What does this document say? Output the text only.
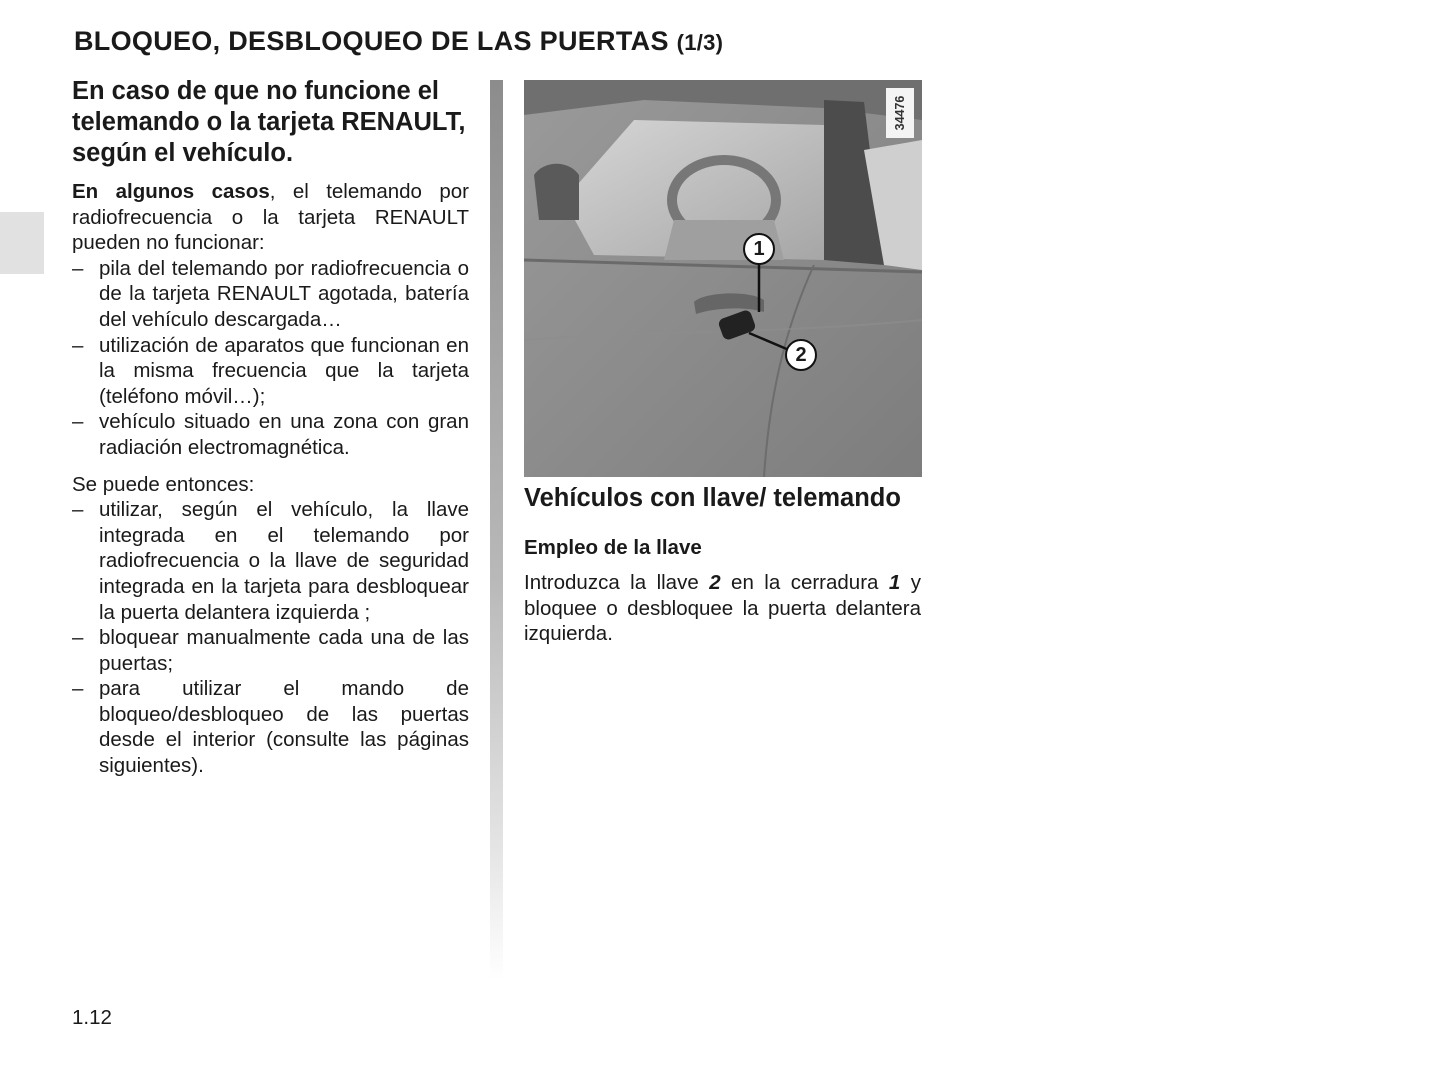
BLOQUEO, DESBLOQUEO DE LAS PUERTAS (1/3)
En caso de que no funcione el telemando o la tarjeta RENAULT, según el vehículo.

En algunos casos, el telemando por radiofrecuencia o la tarjeta RENAULT pueden no funcionar:

– pila del telemando por radiofrecuencia o de la tarjeta RENAULT agotada, batería del vehículo descargada…
– utilización de aparatos que funcionan en la misma frecuencia que la tarjeta (teléfono móvil…);
– vehículo situado en una zona con gran radiación electromagnética.

Se puede entonces:

– utilizar, según el vehículo, la llave integrada en el telemando por radiofrecuencia o la llave de seguridad integrada en la tarjeta para desbloquear la puerta delantera izquierda ;
– bloquear manualmente cada una de las puertas;
– para utilizar el mando de bloqueo/desbloqueo de las puertas desde el interior (consulte las páginas siguientes).
34476
1
2
Vehículos con llave/ telemando
Empleo de la llave

Introduzca la llave 2 en la cerradura 1 y bloquee o desbloquee la puerta delantera izquierda.

1.12
